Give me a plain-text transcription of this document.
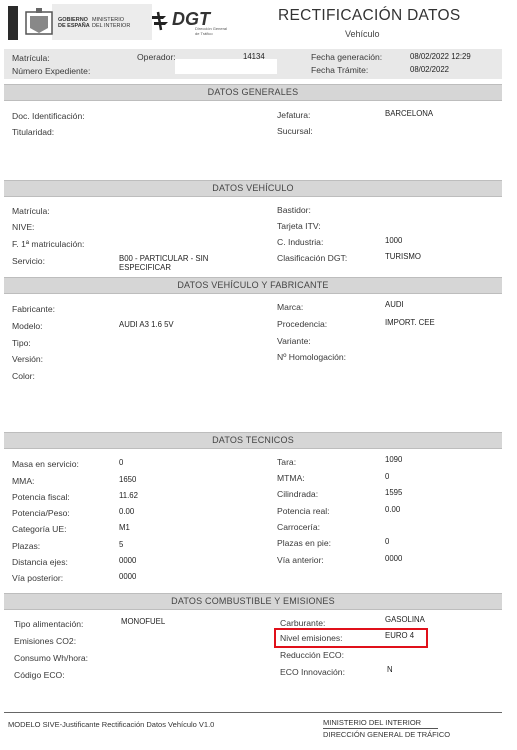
GOBIERNO
DE ESPAÑA
MINISTERIO
DEL INTERIOR DGT
Dirección General
de Tráfico
RECTIFICACIÓN DATOS
Vehículo
Matrícula:	Operador:	14134	Fecha generación:	08/02/2022 12:29
Número Expediente:	Fecha Trámite:	08/02/2022
DATOS GENERALES
Doc. Identificación:
Titularidad:
Jefatura:	BARCELONA
Sucursal:
DATOS VEHÍCULO
Matrícula:
NIVE:
F. 1ª matriculación:
Servicio:	B00 - PARTICULAR - SIN ESPECIFICAR
Bastidor:
Tarjeta ITV:
C. Industria:	1000
Clasificación DGT:	TURISMO
DATOS VEHÍCULO Y FABRICANTE
Fabricante:
Modelo:	AUDI A3 1.6 5V
Tipo:
Versión:
Color:
Marca:	AUDI
Procedencia:	IMPORT. CEE
Variante:
Nº Homologación:
DATOS TECNICOS
Masa en servicio:	0
MMA:	1650
Potencia fiscal:	11.62
Potencia/Peso:	0.00
Categoría UE:	M1
Plazas:	5
Distancia ejes:	0000
Vía posterior:	0000
Tara:	1090
MTMA:	0
Cilindrada:	1595
Potencia real:	0.00
Carrocería:
Plazas en pie:	0
Vía anterior:	0000
DATOS COMBUSTIBLE Y EMISIONES
Tipo alimentación:	MONOFUEL
Emisiones CO2:
Consumo Wh/hora:
Código ECO:
Carburante:	GASOLINA
Nivel emisiones:	EURO 4
Reducción ECO:
ECO Innovación:	N
MODELO SIVE-Justificante Rectificación Datos Vehículo V1.0	MINISTERIO DEL INTERIOR
DIRECCIÓN GENERAL DE TRÁFICO
